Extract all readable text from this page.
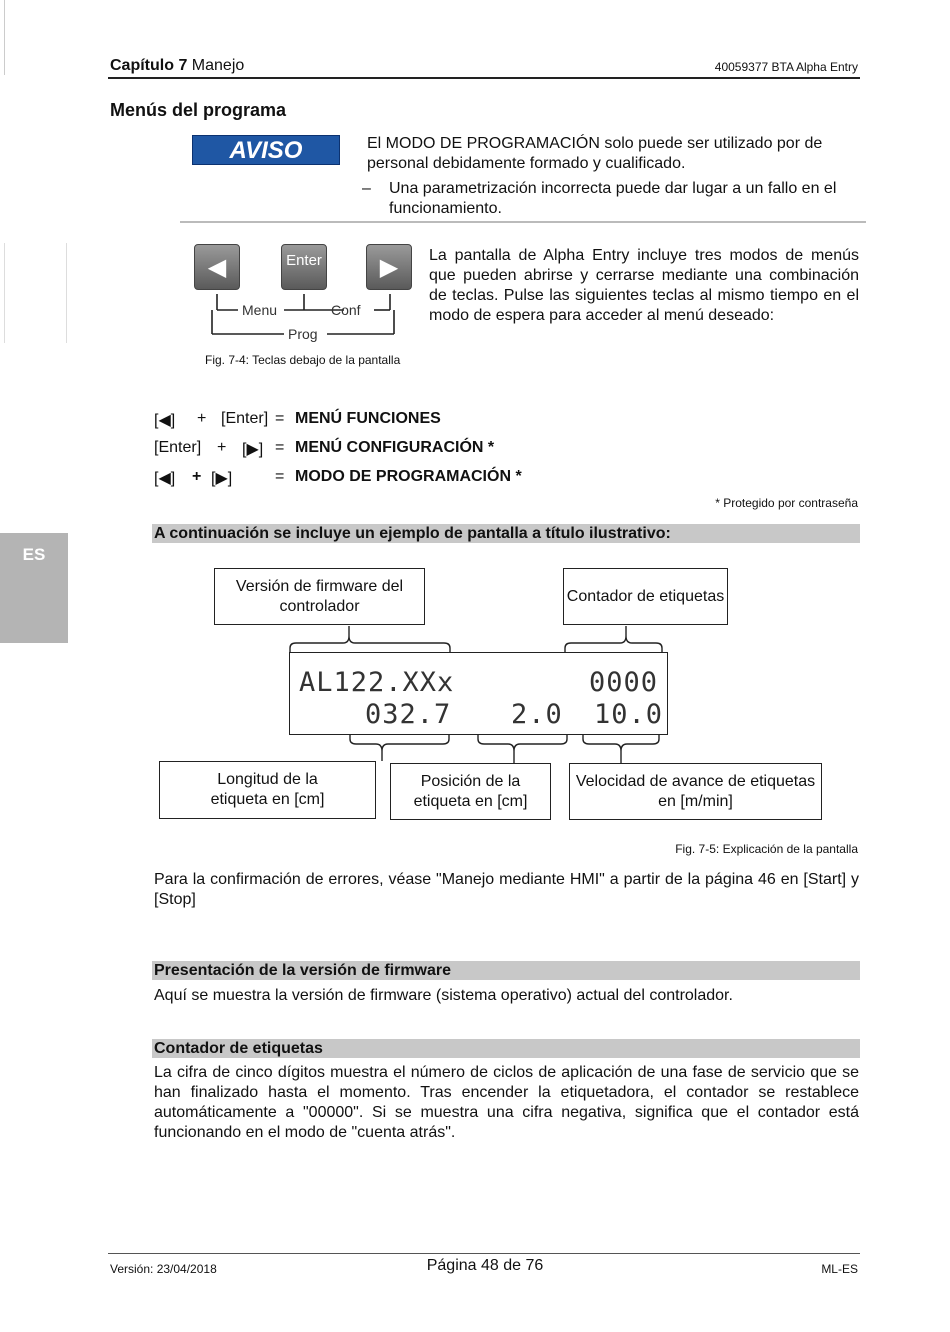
Capítulo 7 Manejo	40059377 BTA Alpha Entry
Menús del programa
AVISO	El MODO DE PROGRAMACIÓN solo puede ser utilizado por de personal debidamente formado y cualificado.
– Una parametrización incorrecta puede dar lugar a un fallo en el funcionamiento.
◀	Enter	▶
Menu	Conf
Prog
Fig. 7-4: Teclas debajo de la pantalla
La pantalla de Alpha Entry incluye tres modos de menús que pueden abrirse y cerrarse mediante una combinación de teclas. Pulse las siguientes teclas al mismo tiempo en el modo de espera para acceder al menú deseado:
[◀] + [Enter] = MENÚ FUNCIONES
[Enter] + [▶] = MENÚ CONFIGURACIÓN *
[◀] + [▶]	= MODO DE PROGRAMACIÓN *
* Protegido por contraseña
A continuación se incluye un ejemplo de pantalla a título ilustrativo:
ES
Versión de firmware del controlador
Contador de etiquetas
AL122.XXx	0000
032.7 2.0 10.0
Longitud de la etiqueta en [cm]
Posición de la etiqueta en [cm]
Velocidad de avance de etiquetas en [m/min]
Fig. 7-5: Explicación de la pantalla
Para la confirmación de errores, véase "Manejo mediante HMI" a partir de la página 46 en [Start] y [Stop]
Presentación de la versión de firmware
Aquí se muestra la versión de firmware (sistema operativo) actual del controlador.
Contador de etiquetas
La cifra de cinco dígitos muestra el número de ciclos de aplicación de una fase de servicio que se han finalizado hasta el momento. Tras encender la etiquetadora, el contador se restablece automáticamente a "00000". Si se muestra una cifra negativa, significa que el contador está funcionando en el modo de "cuenta atrás".
Versión: 23/04/2018	Página 48 de 76	ML-ES
